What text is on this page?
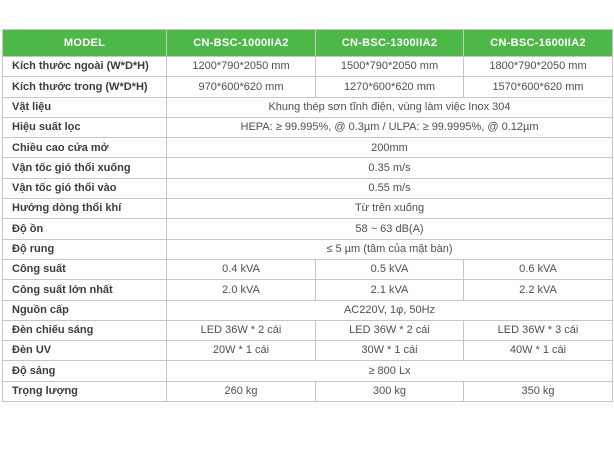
MODEL	CN-BSC-1000IIA2	CN-BSC-1300IIA2	CN-BSC-1600IIA2
Kích thước ngoài (W*D*H)	1200*790*2050 mm	1500*790*2050 mm	1800*790*2050 mm
Kích thước trong (W*D*H)	970*600*620 mm	1270*600*620 mm	1570*600*620 mm
Vật liệu	Khung thép sơn tĩnh điện, vùng làm việc Inox 304		
Hiệu suất lọc	HEPA: ≥ 99.995%, @ 0.3µm / ULPA: ≥ 99.9995%, @ 0.12µm		
Chiều cao cửa mở	200mm		
Vận tốc gió thổi xuống	0.35 m/s		
Vận tốc gió thổi vào	0.55 m/s		
Hướng dòng thổi khí	Từ trên xuống		
Độ ồn	58 ~ 63 dB(A)		
Độ rung	≤ 5 µm (tâm của mặt bàn)		
Công suất	0.4 kVA	0.5 kVA	0.6 kVA
Công suất lớn nhất	2.0 kVA	2.1 kVA	2.2 kVA
Nguồn cấp	AC220V, 1φ, 50Hz		
Đèn chiếu sáng	LED 36W * 2 cái	LED 36W * 2 cái	LED 36W * 3 cái
Đèn UV	20W * 1 cái	30W * 1 cái	40W * 1 cái
Độ sáng	≥ 800 Lx		
Trọng lượng	260 kg	300 kg	350 kg
